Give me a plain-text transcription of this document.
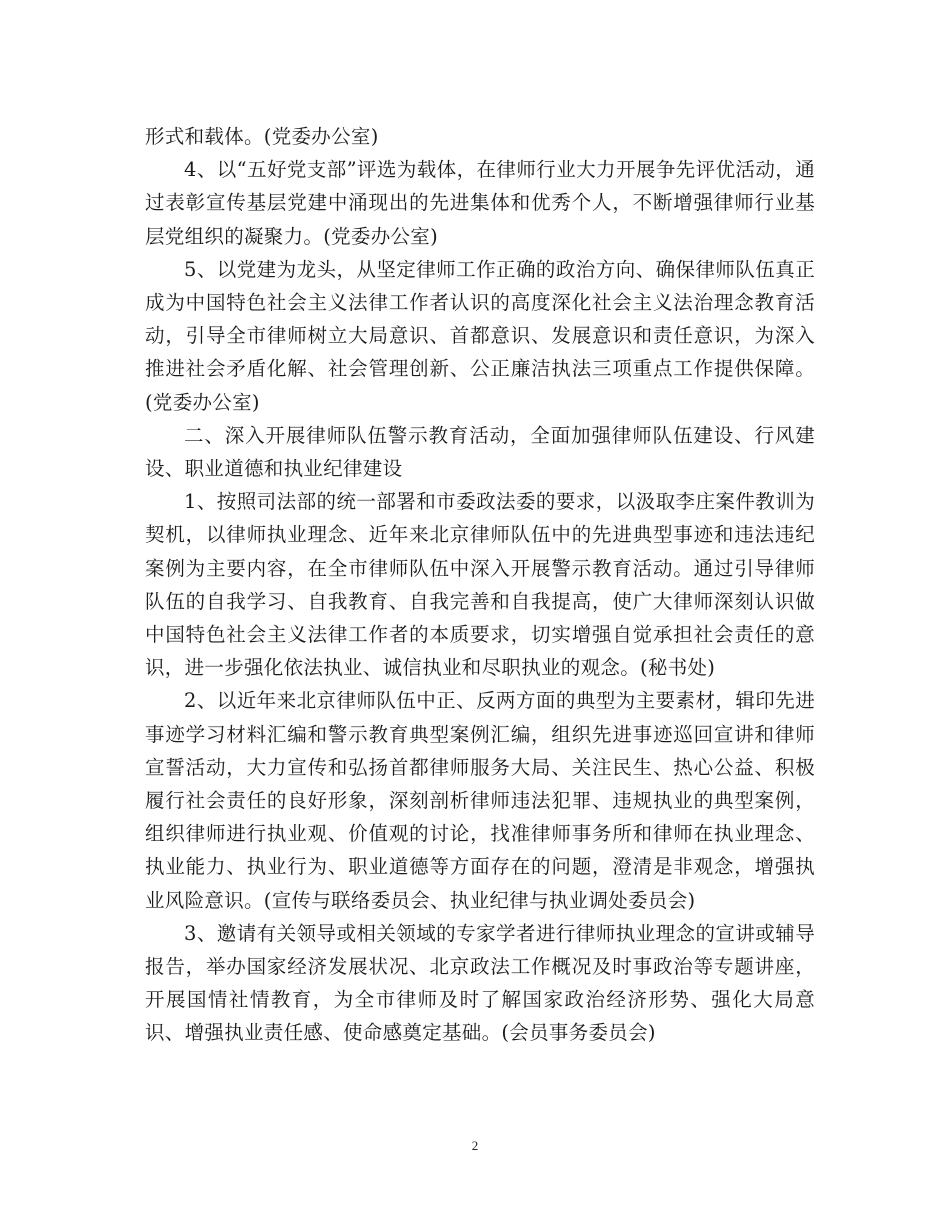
形式和载体。(党委办公室)

4、以“五好党支部”评选为载体，在律师行业大力开展争先评优活动，通过表彰宣传基层党建中涌现出的先进集体和优秀个人，不断增强律师行业基层党组织的凝聚力。(党委办公室)

5、以党建为龙头，从坚定律师工作正确的政治方向、确保律师队伍真正成为中国特色社会主义法律工作者认识的高度深化社会主义法治理念教育活动，引导全市律师树立大局意识、首都意识、发展意识和责任意识，为深入推进社会矛盾化解、社会管理创新、公正廉洁执法三项重点工作提供保障。(党委办公室)

二、深入开展律师队伍警示教育活动，全面加强律师队伍建设、行风建设、职业道德和执业纪律建设

1、按照司法部的统一部署和市委政法委的要求，以汲取李庄案件教训为契机，以律师执业理念、近年来北京律师队伍中的先进典型事迹和违法违纪案例为主要内容，在全市律师队伍中深入开展警示教育活动。通过引导律师队伍的自我学习、自我教育、自我完善和自我提高，使广大律师深刻认识做中国特色社会主义法律工作者的本质要求，切实增强自觉承担社会责任的意识，进一步强化依法执业、诚信执业和尽职执业的观念。(秘书处)

2、以近年来北京律师队伍中正、反两方面的典型为主要素材，辑印先进事迹学习材料汇编和警示教育典型案例汇编，组织先进事迹巡回宣讲和律师宣誓活动，大力宣传和弘扬首都律师服务大局、关注民生、热心公益、积极履行社会责任的良好形象，深刻剖析律师违法犯罪、违规执业的典型案例，组织律师进行执业观、价值观的讨论，找准律师事务所和律师在执业理念、执业能力、执业行为、职业道德等方面存在的问题，澄清是非观念，增强执业风险意识。(宣传与联络委员会、执业纪律与执业调处委员会)

3、邀请有关领导或相关领域的专家学者进行律师执业理念的宣讲或辅导报告，举办国家经济发展状况、北京政法工作概况及时事政治等专题讲座，开展国情社情教育，为全市律师及时了解国家政治经济形势、强化大局意识、增强执业责任感、使命感奠定基础。(会员事务委员会)

2
